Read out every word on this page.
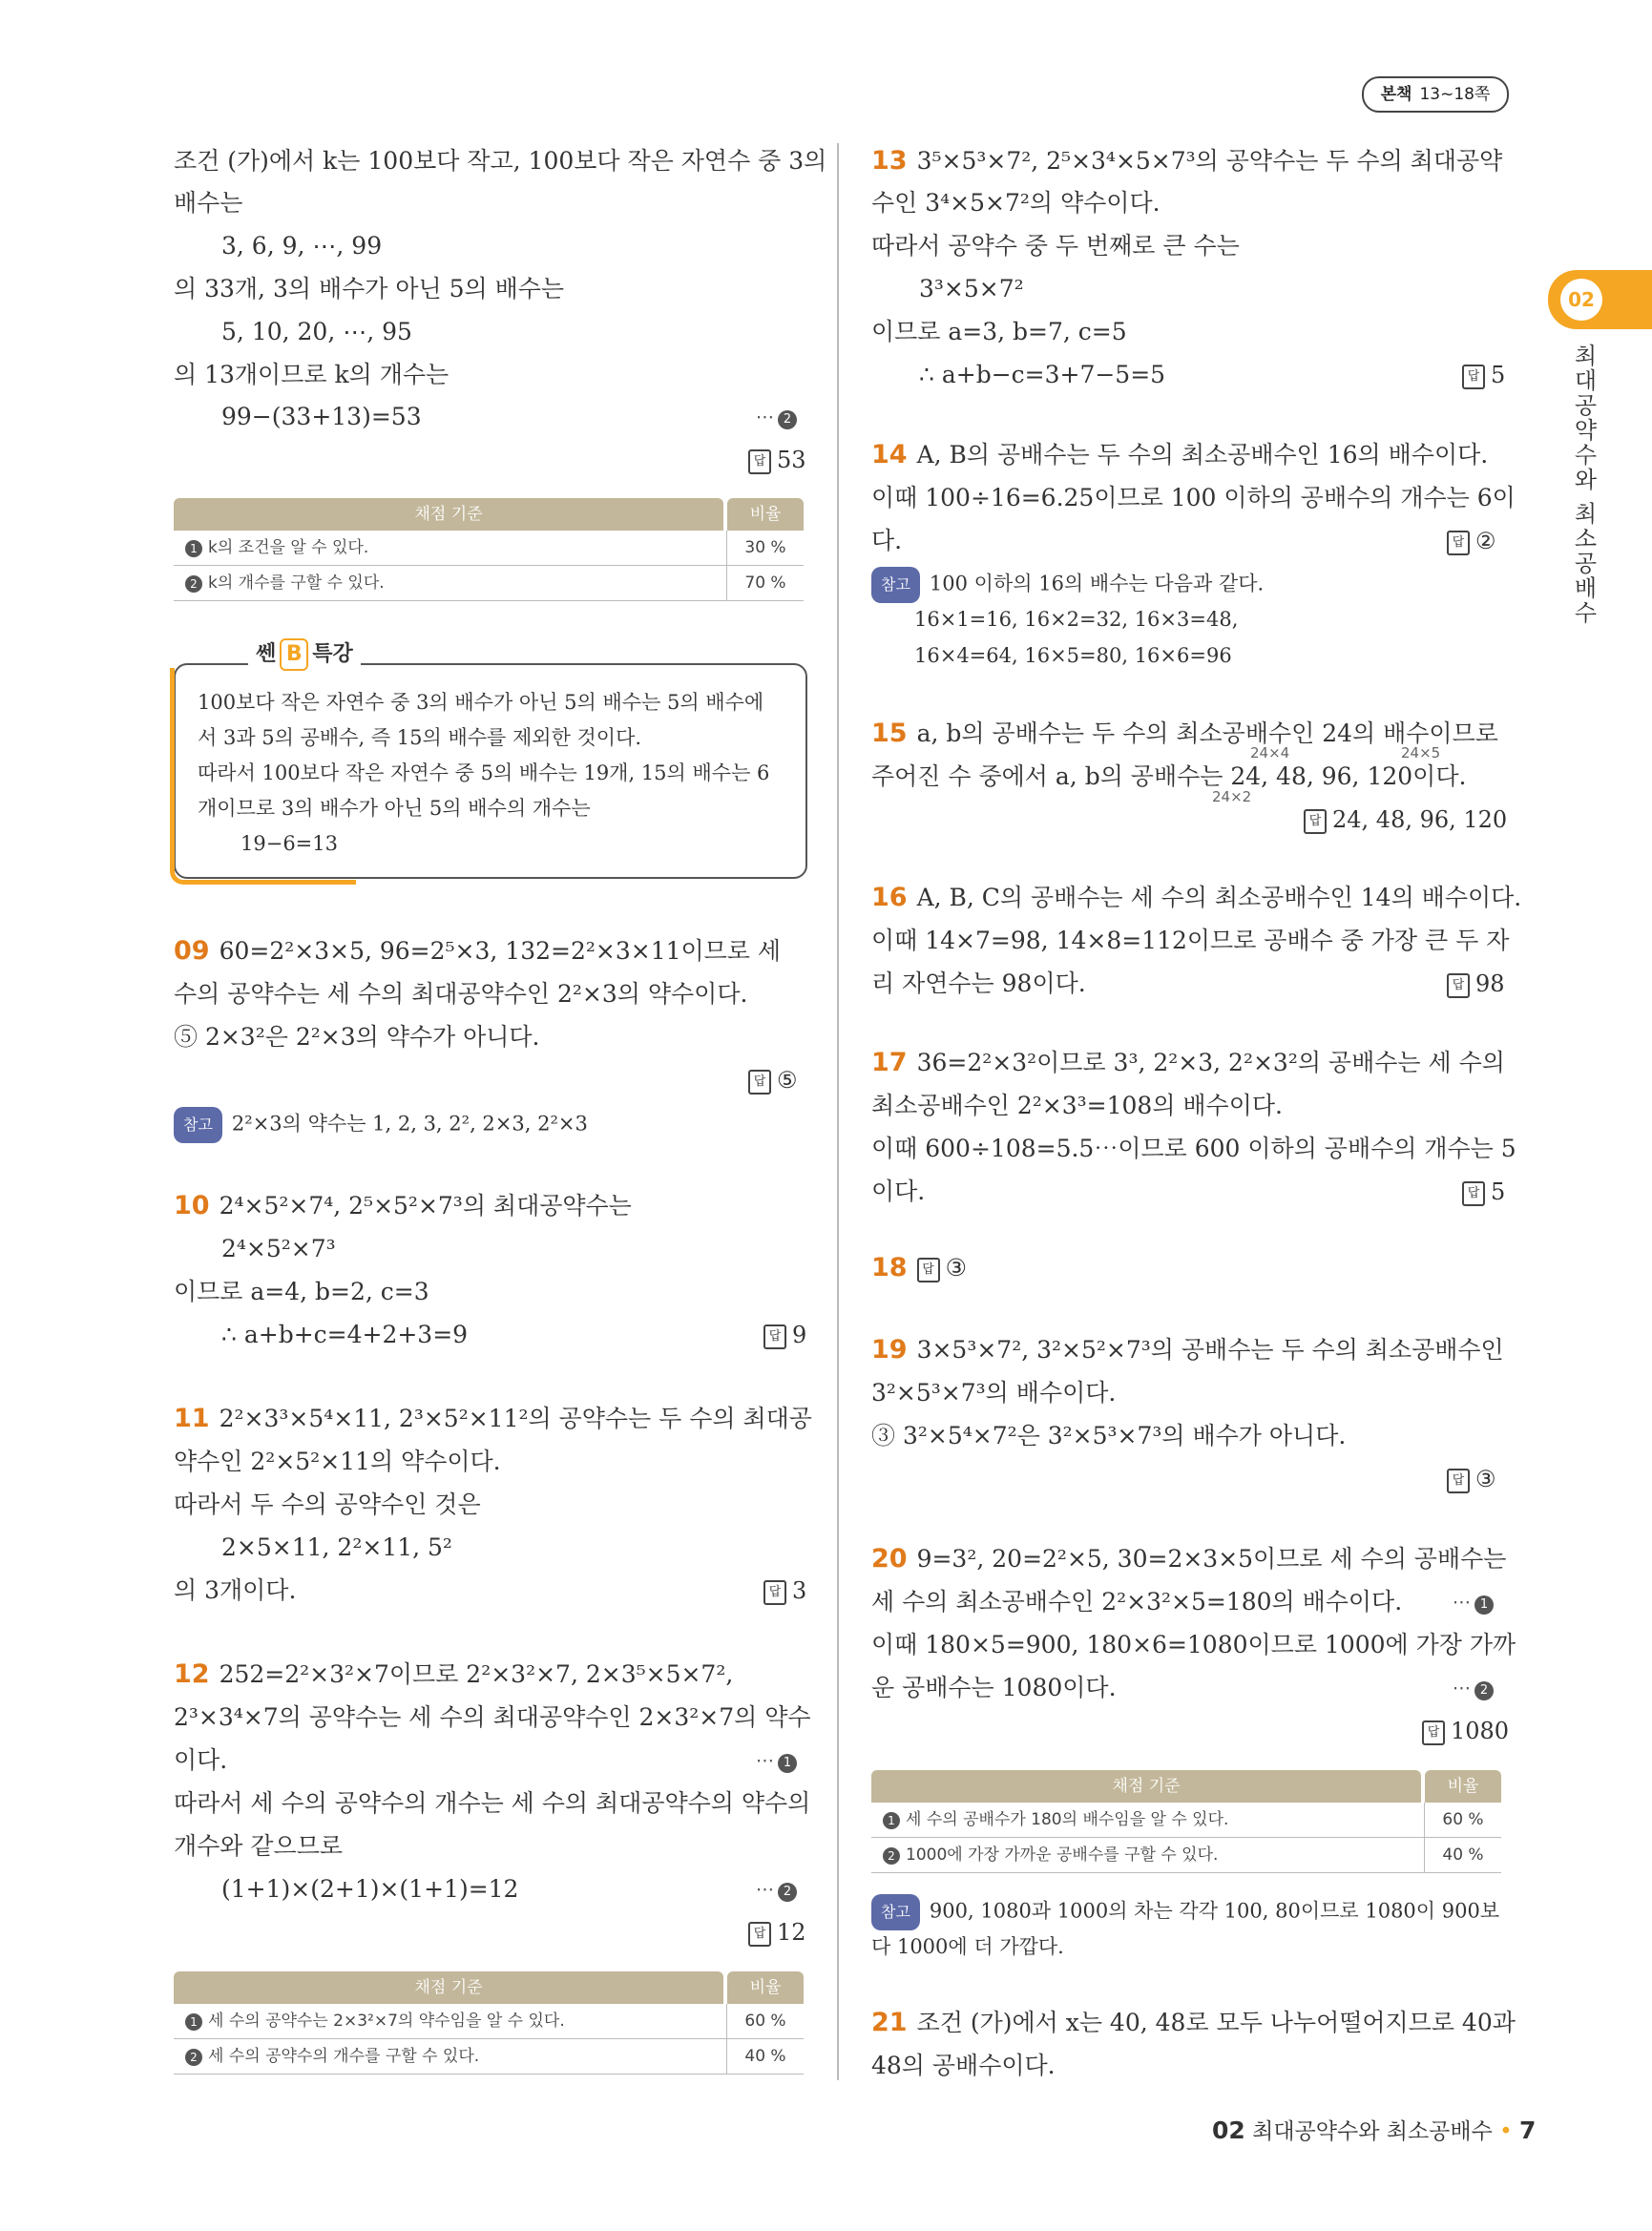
본책 13~18쪽
02
최대공약수와 최소공배수
조건 (가)에서 k는 100보다 작고, 100보다 작은 자연수 중 3의
배수는
3, 6, 9, ⋯, 99
의 33개, 3의 배수가 아닌 5의 배수는
5, 10, 20, ⋯, 95
의 13개이므로 k의 개수는
99−(33+13)=53	⋯ 2
답 53
채점 기준	비율
1 k의 조건을 알 수 있다.	30 %
2 k의 개수를 구할 수 있다.	70 %
쎈 B 특강
100보다 작은 자연수 중 3의 배수가 아닌 5의 배수는 5의 배수에
서 3과 5의 공배수, 즉 15의 배수를 제외한 것이다.
따라서 100보다 작은 자연수 중 5의 배수는 19개, 15의 배수는 6
개이므로 3의 배수가 아닌 5의 배수의 개수는
19−6=13
09 60=2²×3×5, 96=2⁵×3, 132=2²×3×11이므로 세
수의 공약수는 세 수의 최대공약수인 2²×3의 약수이다.
⑤ 2×3²은 2²×3의 약수가 아니다.
답 ⑤
참고 2²×3의 약수는 1, 2, 3, 2², 2×3, 2²×3
10 2⁴×5²×7⁴, 2⁵×5²×7³의 최대공약수는
2⁴×5²×7³
이므로 a=4, b=2, c=3
∴ a+b+c=4+2+3=9	답 9
11 2²×3³×5⁴×11, 2³×5²×11²의 공약수는 두 수의 최대공
약수인 2²×5²×11의 약수이다.
따라서 두 수의 공약수인 것은
2×5×11, 2²×11, 5²
의 3개이다.	답 3
12 252=2²×3²×7이므로 2²×3²×7, 2×3⁵×5×7²,
2³×3⁴×7의 공약수는 세 수의 최대공약수인 2×3²×7의 약수
이다.	⋯ 1
따라서 세 수의 공약수의 개수는 세 수의 최대공약수의 약수의
개수와 같으므로
(1+1)×(2+1)×(1+1)=12	⋯ 2
답 12
채점 기준	비율
1 세 수의 공약수는 2×3²×7의 약수임을 알 수 있다.	60 %
2 세 수의 공약수의 개수를 구할 수 있다.	40 %
13 3⁵×5³×7², 2⁵×3⁴×5×7³의 공약수는 두 수의 최대공약
수인 3⁴×5×7²의 약수이다.
따라서 공약수 중 두 번째로 큰 수는
3³×5×7²
이므로 a=3, b=7, c=5
∴ a+b−c=3+7−5=5	답 5
14 A, B의 공배수는 두 수의 최소공배수인 16의 배수이다.
이때 100÷16=6.25이므로 100 이하의 공배수의 개수는 6이
다.	답 ②
참고 100 이하의 16의 배수는 다음과 같다.
16×1=16, 16×2=32, 16×3=48,
16×4=64, 16×5=80, 16×6=96
15 a, b의 공배수는 두 수의 최소공배수인 24의 배수이므로
24×4	24×5
주어진 수 중에서 a, b의 공배수는 24, 48, 96, 120이다.
24×2
답 24, 48, 96, 120
16 A, B, C의 공배수는 세 수의 최소공배수인 14의 배수이다.
이때 14×7=98, 14×8=112이므로 공배수 중 가장 큰 두 자
리 자연수는 98이다.	답 98
17 36=2²×3²이므로 3³, 2²×3, 2²×3²의 공배수는 세 수의
최소공배수인 2²×3³=108의 배수이다.
이때 600÷108=5.5⋯이므로 600 이하의 공배수의 개수는 5
이다.	답 5
18 답 ③
19 3×5³×7², 3²×5²×7³의 공배수는 두 수의 최소공배수인
3²×5³×7³의 배수이다.
③ 3²×5⁴×7²은 3²×5³×7³의 배수가 아니다.
답 ③
20 9=3², 20=2²×5, 30=2×3×5이므로 세 수의 공배수는
세 수의 최소공배수인 2²×3²×5=180의 배수이다.	⋯ 1
이때 180×5=900, 180×6=1080이므로 1000에 가장 가까
운 공배수는 1080이다.	⋯ 2
답 1080
채점 기준	비율
1 세 수의 공배수가 180의 배수임을 알 수 있다.	60 %
2 1000에 가장 가까운 공배수를 구할 수 있다.	40 %
참고 900, 1080과 1000의 차는 각각 100, 80이므로 1080이 900보
다 1000에 더 가깝다.
21 조건 (가)에서 x는 40, 48로 모두 나누어떨어지므로 40과
48의 공배수이다.
02 최대공약수와 최소공배수 • 7
